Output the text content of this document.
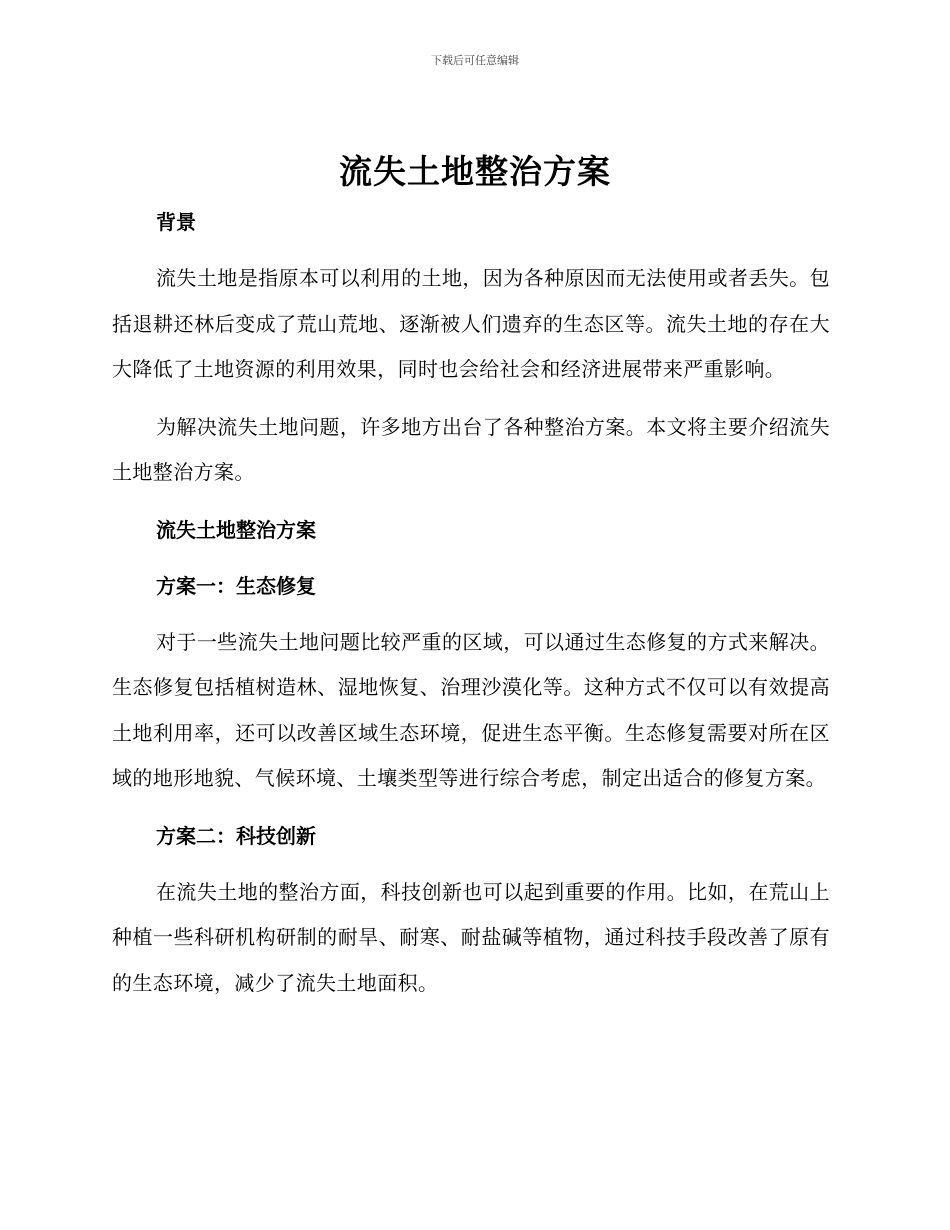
下载后可任意编辑
流失土地整治方案
背景

流失土地是指原本可以利用的土地，因为各种原因而无法使用或者丢失。包括退耕还林后变成了荒山荒地、逐渐被人们遗弃的生态区等。流失土地的存在大大降低了土地资源的利用效果，同时也会给社会和经济进展带来严重影响。

为解决流失土地问题，许多地方出台了各种整治方案。本文将主要介绍流失土地整治方案。

流失土地整治方案
方案一：生态修复

对于一些流失土地问题比较严重的区域，可以通过生态修复的方式来解决。生态修复包括植树造林、湿地恢复、治理沙漠化等。这种方式不仅可以有效提高土地利用率，还可以改善区域生态环境，促进生态平衡。生态修复需要对所在区域的地形地貌、气候环境、土壤类型等进行综合考虑，制定出适合的修复方案。

方案二：科技创新

在流失土地的整治方面，科技创新也可以起到重要的作用。比如，在荒山上种植一些科研机构研制的耐旱、耐寒、耐盐碱等植物，通过科技手段改善了原有的生态环境，减少了流失土地面积。
